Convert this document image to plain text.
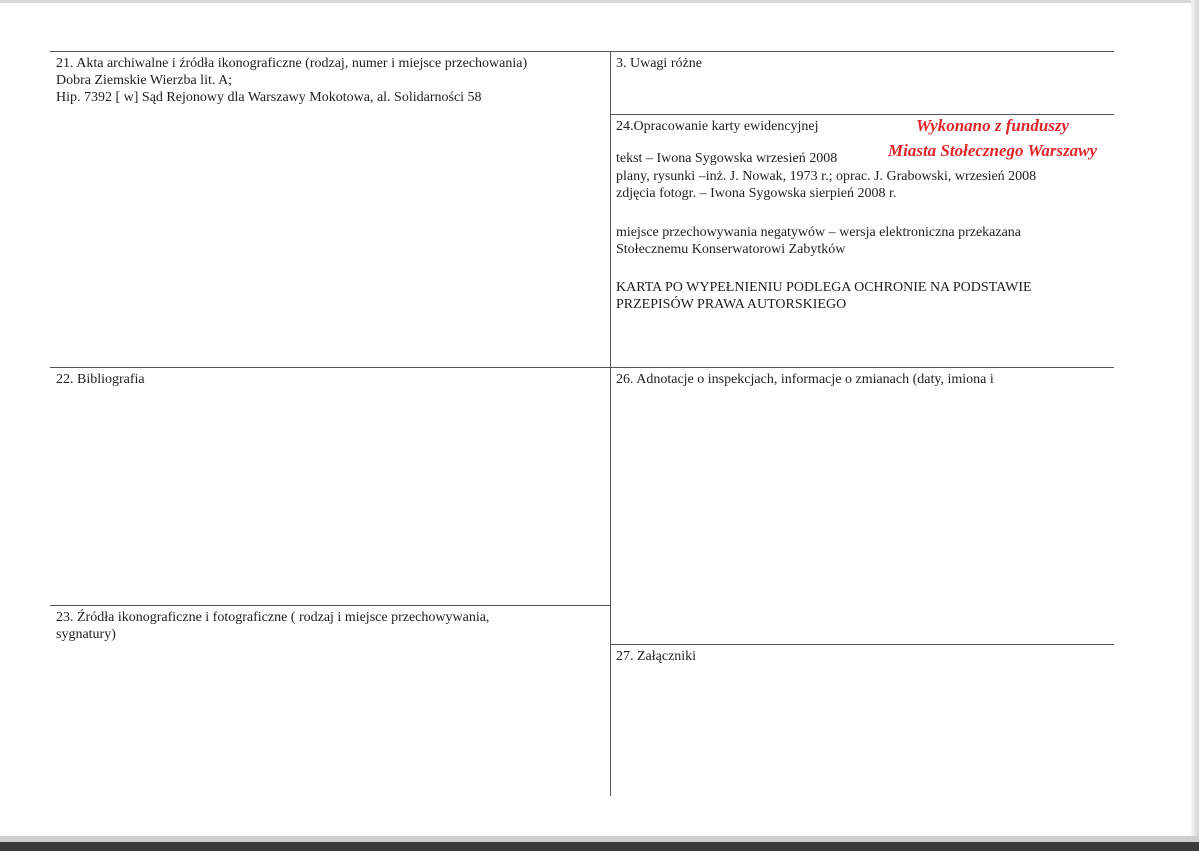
21. Akta archiwalne i źródła ikonograficzne (rodzaj, numer i miejsce przechowania)
Dobra Ziemskie Wierzba lit. A;
Hip. 7392 [ w] Sąd Rejonowy dla Warszawy Mokotowa, al. Solidarności 58
3. Uwagi różne
24.Opracowanie karty ewidencyjnej	Wykonano z funduszy
Miasta Stołecznego Warszawy
tekst – Iwona Sygowska wrzesień 2008
plany, rysunki –inż. J. Nowak, 1973 r.; oprac. J. Grabowski, wrzesień 2008
zdjęcia fotogr. – Iwona Sygowska sierpień 2008 r.
miejsce przechowywania negatywów – wersja elektroniczna przekazana
Stołecznemu Konserwatorowi Zabytków
KARTA PO WYPEŁNIENIU PODLEGA OCHRONIE NA PODSTAWIE
PRZEPISÓW PRAWA AUTORSKIEGO
22. Bibliografia	26. Adnotacje o inspekcjach, informacje o zmianach (daty, imiona i
23. Źródła ikonograficzne i fotograficzne ( rodzaj i miejsce przechowywania,
sygnatury)
27. Załączniki
